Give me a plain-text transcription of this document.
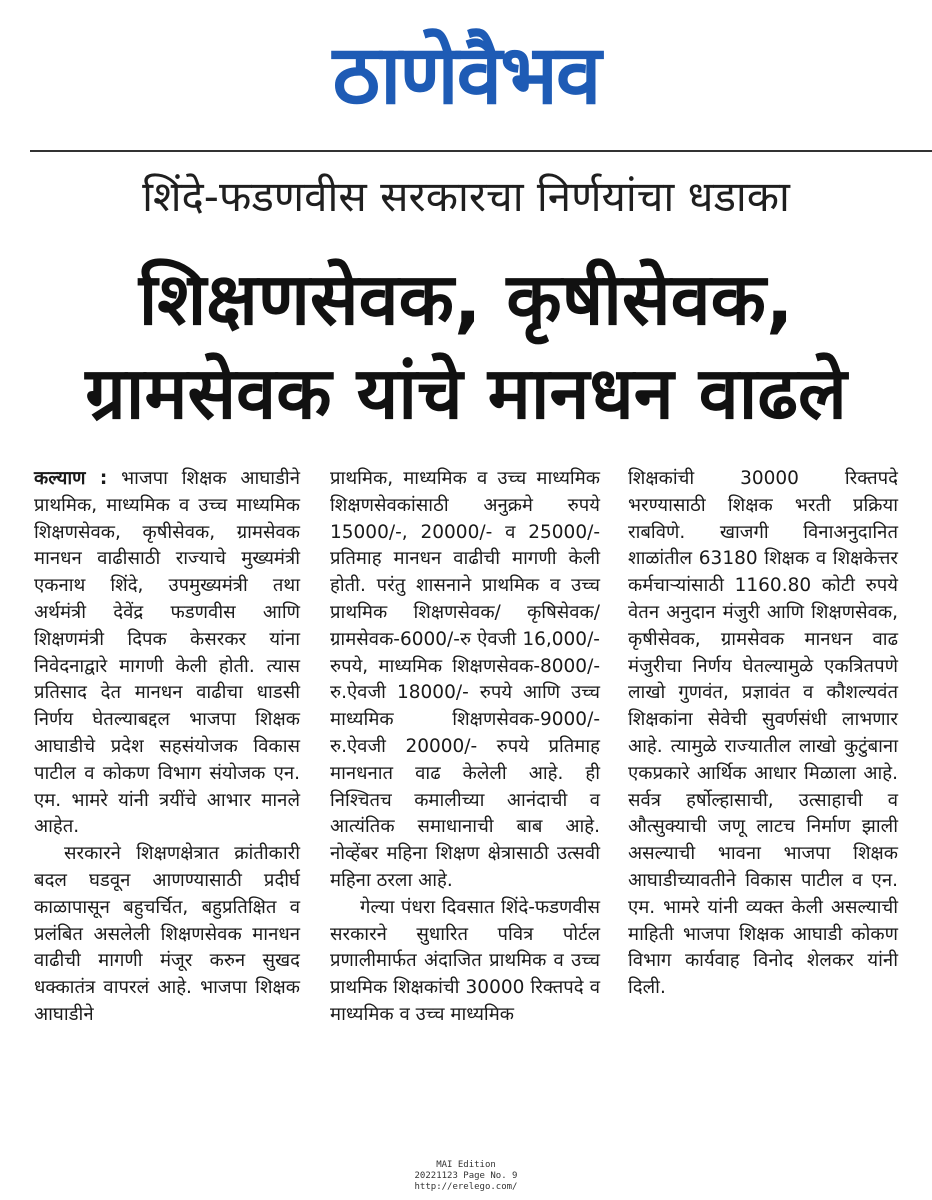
ठाणेवैभव
शिंदे-फडणवीस सरकारचा निर्णयांचा धडाका
शिक्षणसेवक, कृषीसेवक,
ग्रामसेवक यांचे मानधन वाढले

कल्याण : भाजपा शिक्षक आघाडीने प्राथमिक, माध्यमिक व उच्च माध्यमिक शिक्षणसेवक, कृषीसेवक, ग्रामसेवक मानधन वाढीसाठी राज्याचे मुख्यमंत्री एकनाथ शिंदे, उपमुख्यमंत्री तथा अर्थमंत्री देवेंद्र फडणवीस आणि शिक्षणमंत्री दिपक केसरकर यांना निवेदनाद्वारे मागणी केली होती. त्यास प्रतिसाद देत मानधन वाढीचा धाडसी निर्णय घेतल्याबद्दल भाजपा शिक्षक आघाडीचे प्रदेश सहसंयोजक विकास पाटील व कोकण विभाग संयोजक एन. एम. भामरे यांनी त्रयींचे आभार मानले आहेत.

सरकारने शिक्षणक्षेत्रात क्रांतीकारी बदल घडवून आणण्यासाठी प्रदीर्घ काळापासून बहुचर्चित, बहुप्रतिक्षित व प्रलंबित असलेली शिक्षणसेवक मानधन वाढीची मागणी मंजूर करुन सुखद धक्कातंत्र वापरलं आहे. भाजपा शिक्षक आघाडीने

प्राथमिक, माध्यमिक व उच्च माध्यमिक शिक्षणसेवकांसाठी अनुक्रमे रुपये 15000/-, 20000/- व 25000/- प्रतिमाह मानधन वाढीची मागणी केली होती. परंतु शासनाने प्राथमिक व उच्च प्राथमिक शिक्षणसेवक/ कृषिसेवक/ग्रामसेवक-6000/-रु ऐवजी 16,000/-रुपये, माध्यमिक शिक्षणसेवक-8000/- रु.ऐवजी 18000/- रुपये आणि उच्च माध्यमिक शिक्षणसेवक-9000/- रु.ऐवजी 20000/- रुपये प्रतिमाह मानधनात वाढ केलेली आहे. ही निश्चितच कमालीच्या आनंदाची व आत्यंतिक समाधानाची बाब आहे. नोव्हेंबर महिना शिक्षण क्षेत्रासाठी उत्सवी महिना ठरला आहे.

गेल्या पंधरा दिवसात शिंदे-फडणवीस सरकारने सुधारित पवित्र पोर्टल प्रणालीमार्फत अंदाजित प्राथमिक व उच्च प्राथमिक शिक्षकांची 30000 रिक्तपदे व माध्यमिक व उच्च माध्यमिक

शिक्षकांची 30000 रिक्तपदे भरण्यासाठी शिक्षक भरती प्रक्रिया राबविणे. खाजगी विनाअनुदानित शाळांतील 63180 शिक्षक व शिक्षकेत्तर कर्मचाऱ्यांसाठी 1160.80 कोटी रुपये वेतन अनुदान मंजुरी आणि शिक्षणसेवक, कृषीसेवक, ग्रामसेवक मानधन वाढ मंजुरीचा निर्णय घेतल्यामुळे एकत्रितपणे लाखो गुणवंत, प्रज्ञावंत व कौशल्यवंत शिक्षकांना सेवेची सुवर्णसंधी लाभणार आहे. त्यामुळे राज्यातील लाखो कुटुंबाना एकप्रकारे आर्थिक आधार मिळाला आहे. सर्वत्र हर्षोल्हासाची, उत्साहाची व औत्सुक्याची जणू लाटच निर्माण झाली असल्याची भावना भाजपा शिक्षक आघाडीच्यावतीने विकास पाटील व एन. एम. भामरे यांनी व्यक्त केली असल्याची माहिती भाजपा शिक्षक आघाडी कोकण विभाग कार्यवाह विनोद शेलकर यांनी दिली.

MAI Edition
20221123 Page No. 9
http://erelego.com/
